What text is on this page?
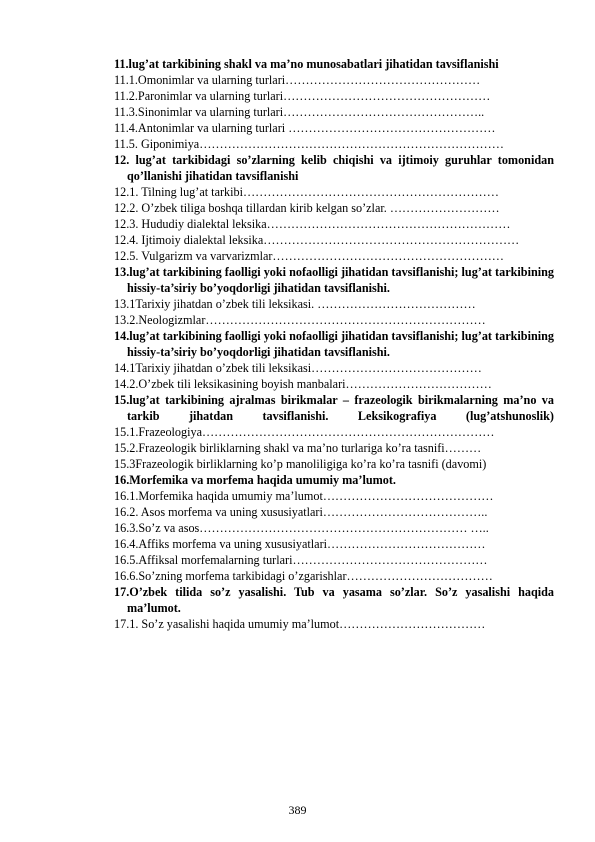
11.lug’at tarkibining shakl va ma’no munosabatlari jihatidan tavsiflanishi

11.1.Omonimlar va ularning turlari…………………………………………

11.2.Paronimlar va ularning turlari……………………………………………

11.3.Sinonimlar va ularning turlari…………………………………………..

11.4.Antonimlar va ularning turlari ……………………………………………

11.5. Giponimiya…………………………………………………………………

12. lug’at tarkibidagi so’zlarning kelib chiqishi va ijtimoiy guruhlar tomonidan qo’llanishi jihatidan tavsiflanishi

12.1. Tilning lug’at tarkibi………………………………………………………

12.2. O’zbek tiliga boshqa tillardan kirib kelgan so’zlar. ………………………

12.3. Hududiy dialektal leksika……………………………………………………

12.4. Ijtimoiy dialektal leksika………………………………………………………

12.5. Vulgarizm va varvarizmlar…………………………………………………

13.lug’at tarkibining faolligi yoki nofaolligi jihatidan tavsiflanishi; lug’at tarkibining hissiy-ta’siriy bo’yoqdorligi jihatidan tavsiflanishi.

13.1Tarixiy jihatdan o’zbek tili leksikasi. …………………………………

13.2.Neologizmlar……………………………………………………………

14.lug’at tarkibining faolligi yoki nofaolligi jihatidan tavsiflanishi; lug’at tarkibining hissiy-ta’siriy bo’yoqdorligi jihatidan tavsiflanishi.

14.1Tarixiy jihatdan o’zbek tili leksikasi……………………………………

14.2.O’zbek tili leksikasining boyish manbalari………………………………

15.lug’at tarkibining ajralmas birikmalar – frazeologik birikmalarning ma’no va tarkib jihatdan tavsiflanishi. Leksikografiya (lug’atshunoslik)

15.1.Frazeologiya………………………………………………………………

15.2.Frazeologik birliklarning shakl va ma’no turlariga ko’ra tasnifi………

15.3Frazeologik birliklarning ko’p manoliligiga ko’ra ko’ra tasnifi (davomi)

16.Morfemika va morfema haqida umumiy ma’lumot.

16.1.Morfemika haqida umumiy ma’lumot……………………………………

16.2. Asos morfema va uning xususiyatlari…………………………………..

16.3.So’z va asos………………………………………………………… …..

16.4.Affiks morfema va uning xususiyatlari…………………………………

16.5.Affiksal morfemalarning turlari…………………………………………

16.6.So’zning morfema tarkibidagi o’zgarishlar………………………………

17.O’zbek tilida so’z yasalishi. Tub va yasama so’zlar. So’z yasalishi haqida ma’lumot.

17.1. So’z yasalishi haqida umumiy ma’lumot………………………………

389
